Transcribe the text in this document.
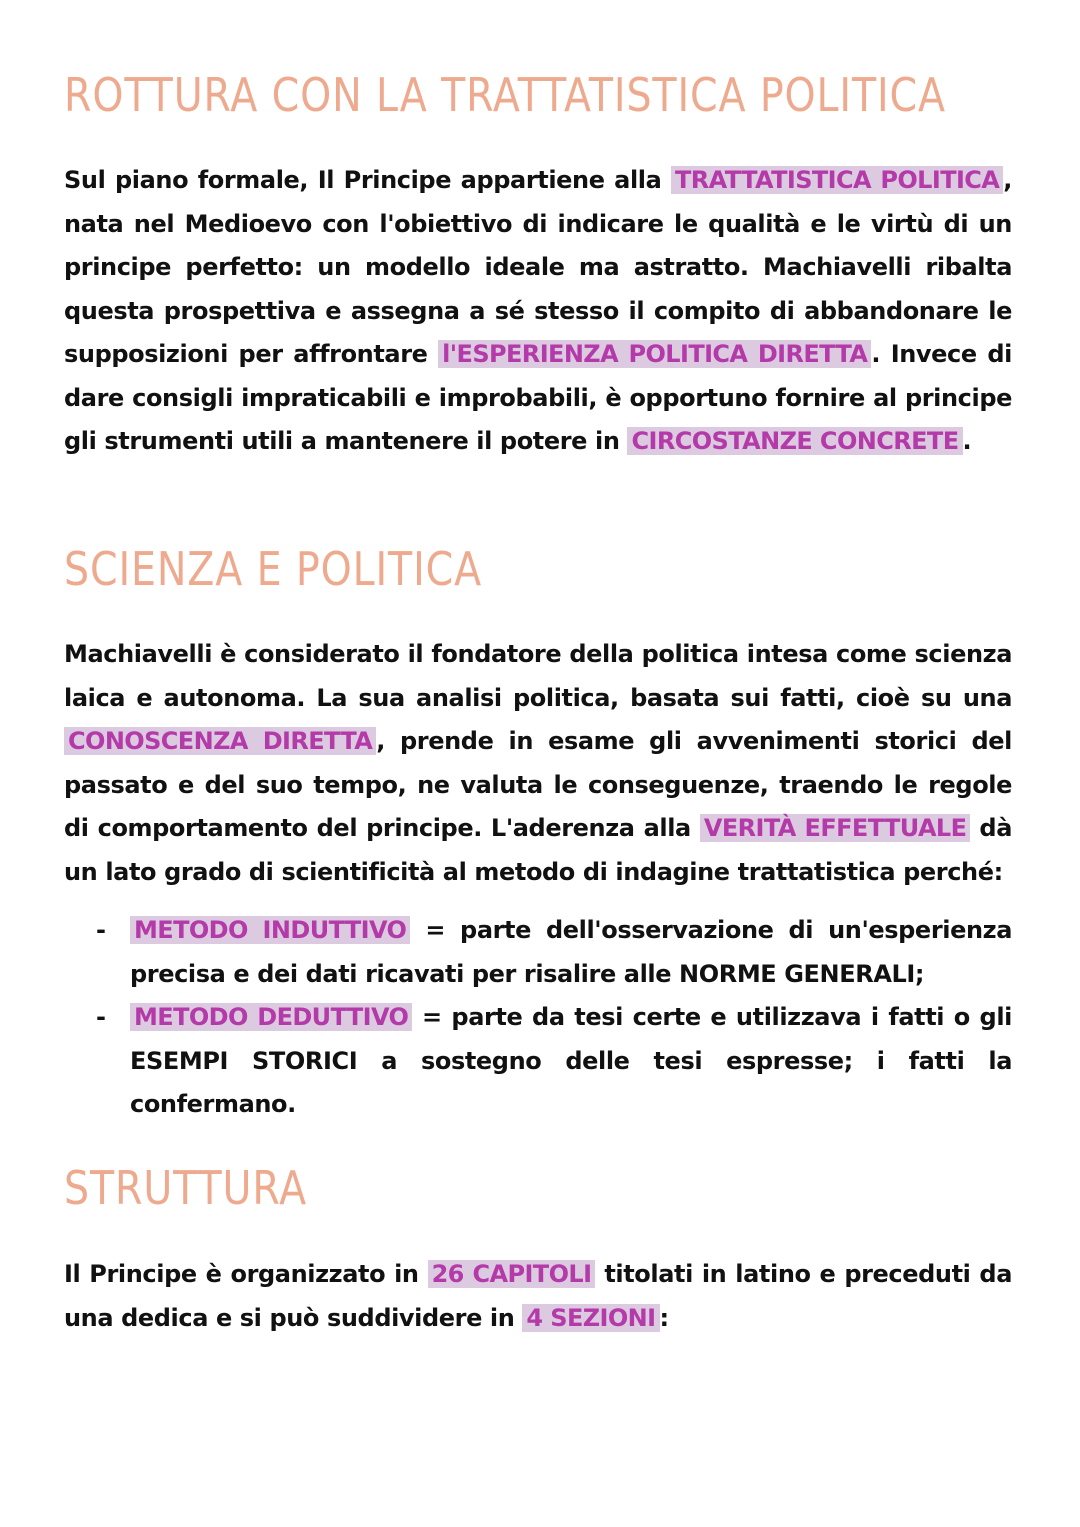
ROTTURA CON LA TRATTATISTICA POLITICA

Sul piano formale, Il Principe appartiene alla TRATTATISTICA POLITICA , nata nel Medioevo con l'obiettivo di indicare le qualità e le virtù di un principe perfetto: un modello ideale ma astratto. Machiavelli ribalta questa prospettiva e assegna a sé stesso il compito di abbandonare le supposizioni per affrontare l'ESPERIENZA POLITICA DIRETTA . Invece di dare consigli impraticabili e improbabili, è opportuno fornire al principe gli strumenti utili a mantenere il potere in CIRCOSTANZE CONCRETE .

SCIENZA E POLITICA

Machiavelli è considerato il fondatore della politica intesa come scienza laica e autonoma. La sua analisi politica, basata sui fatti, cioè su una CONOSCENZA DIRETTA , prende in esame gli avvenimenti storici del passato e del suo tempo, ne valuta le conseguenze, traendo le regole di comportamento del principe. L'aderenza alla VERITÀ EFFETTUALE dà un lato grado di scientificità al metodo di indagine trattatistica perché:

- METODO INDUTTIVO = parte dell'osservazione di un'esperienza precisa e dei dati ricavati per risalire alle NORME GENERALI;
- METODO DEDUTTIVO = parte da tesi certe e utilizzava i fatti o gli ESEMPI STORICI a sostegno delle tesi espresse; i fatti la confermano.
STRUTTURA

Il Principe è organizzato in 26 CAPITOLI titolati in latino e preceduti da una dedica e si può suddividere in 4 SEZIONI :
